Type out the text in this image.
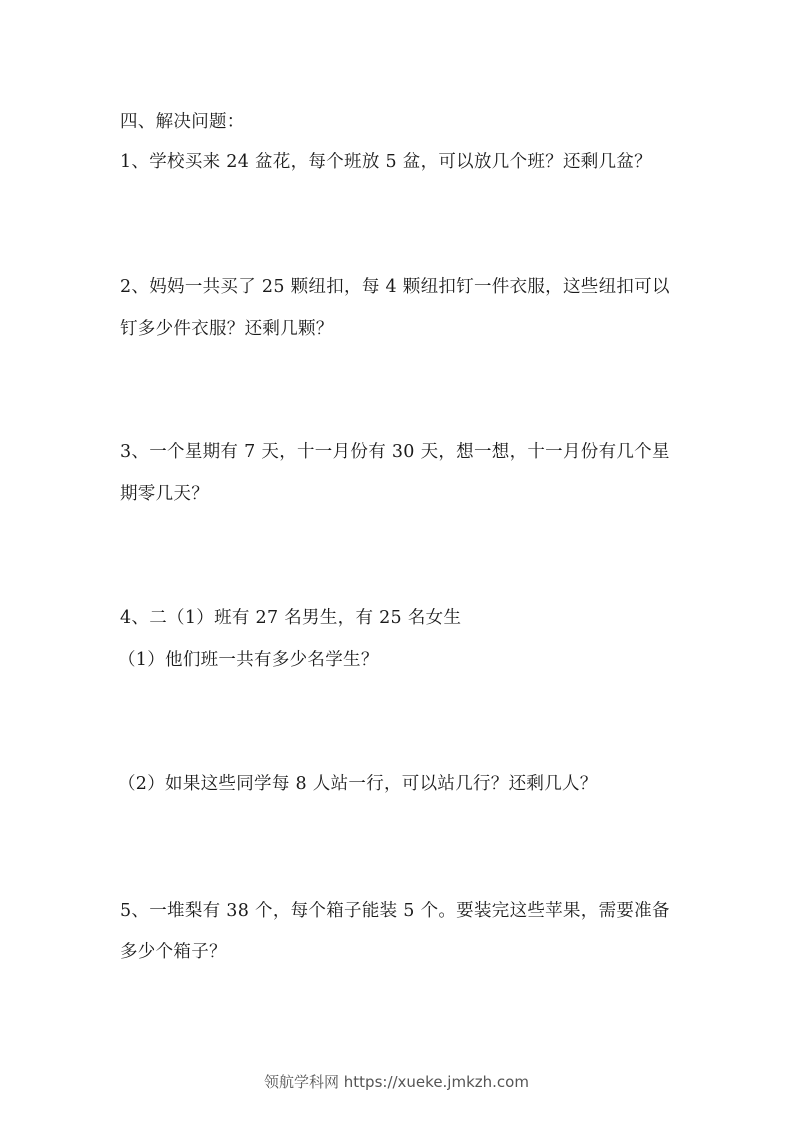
四、解决问题：
1、学校买来 24 盆花，每个班放 5 盆，可以放几个班？还剩几盆？
2、妈妈一共买了 25 颗纽扣，每 4 颗纽扣钉一件衣服，这些纽扣可以
钉多少件衣服？还剩几颗？
3、一个星期有 7 天，十一月份有 30 天，想一想，十一月份有几个星
期零几天？
4、二（1）班有 27 名男生，有 25 名女生
（1）他们班一共有多少名学生？
（2）如果这些同学每 8 人站一行，可以站几行？还剩几人？
5、一堆梨有 38 个，每个箱子能装 5 个。要装完这些苹果，需要准备
多少个箱子？
领航学科网 https://xueke.jmkzh.com
